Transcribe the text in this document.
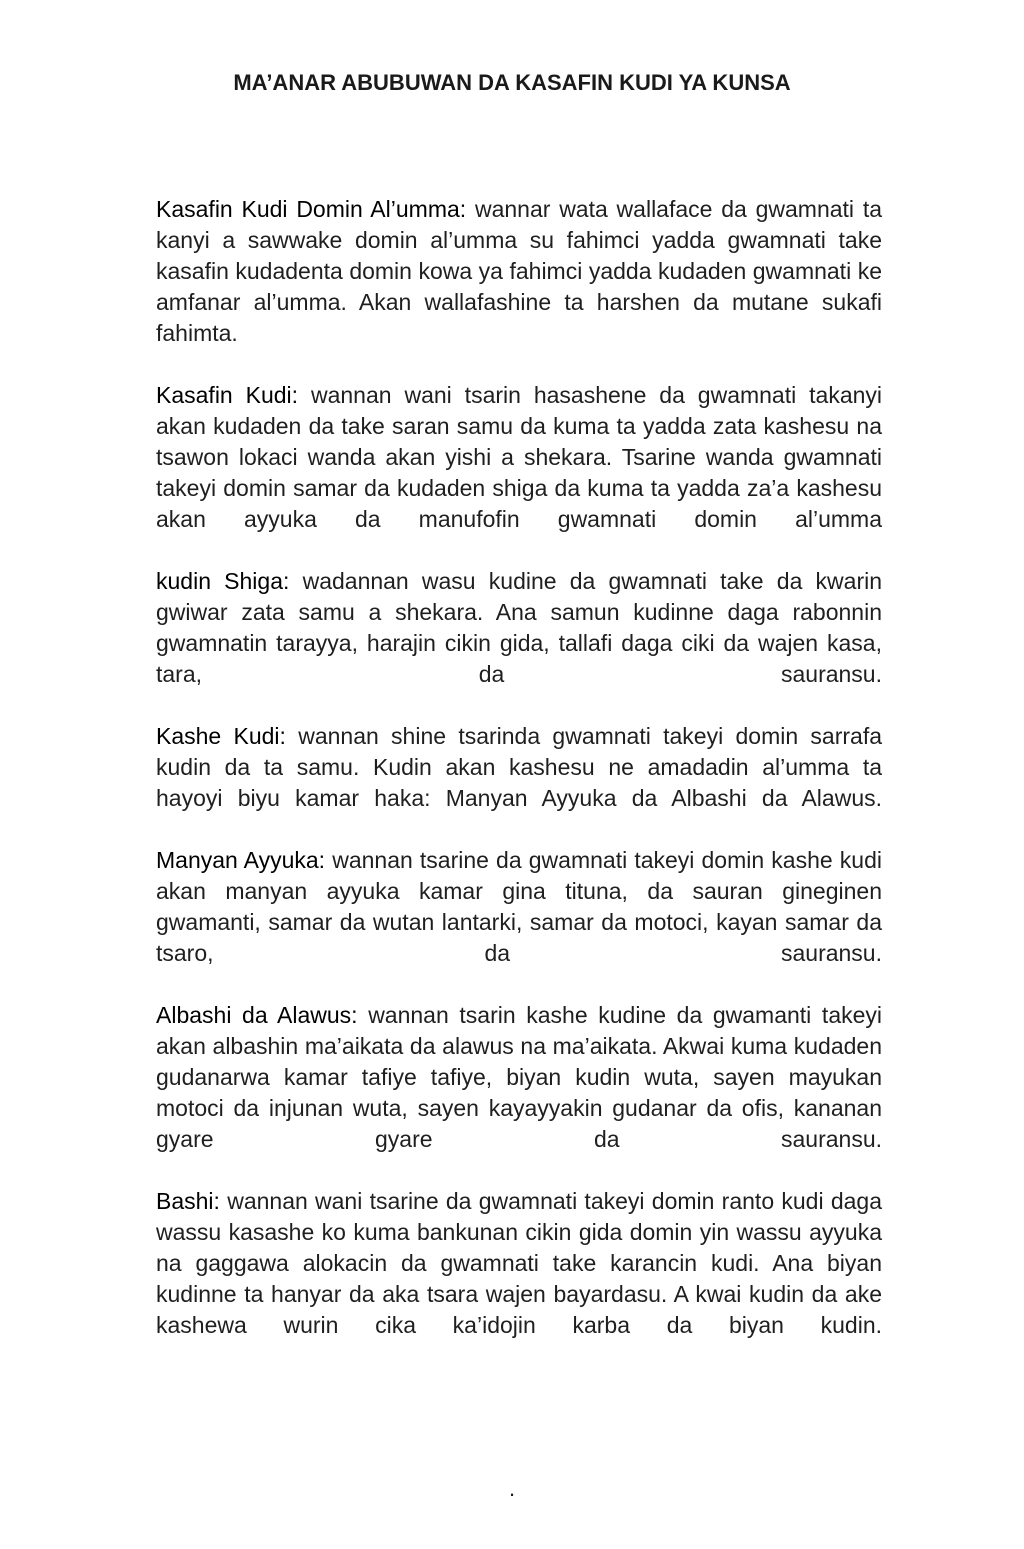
MA’ANAR ABUBUWAN DA KASAFIN KUDI YA KUNSA

Kasafin Kudi Domin Al’umma: wannar wata wallaface da gwamnati ta kanyi a sawwake domin al’umma su fahimci yadda gwamnati take kasafin kudadenta domin kowa ya fahimci yadda kudaden gwamnati ke amfanar al’umma. Akan wallafashine ta harshen da mutane sukafi fahimta.

Kasafin Kudi: wannan wani tsarin hasashene da gwamnati takanyi akan kudaden da take saran samu da kuma ta yadda zata kashesu na tsawon lokaci wanda akan yishi a shekara. Tsarine wanda gwamnati takeyi domin samar da kudaden shiga da kuma ta yadda za’a kashesu akan ayyuka da manufofin gwamnati domin al’umma

kudin Shiga: wadannan wasu kudine da gwamnati take da kwarin gwiwar zata samu a shekara. Ana samun kudinne daga rabonnin gwamnatin tarayya, harajin cikin gida, tallafi daga ciki da wajen kasa, tara, da sauransu.

Kashe Kudi: wannan shine tsarinda gwamnati takeyi domin sarrafa kudin da ta samu. Kudin akan kashesu ne amadadin al’umma ta hayoyi biyu kamar haka: Manyan Ayyuka da Albashi da Alawus.

Manyan Ayyuka: wannan tsarine da gwamnati takeyi domin kashe kudi akan manyan ayyuka kamar gina tituna, da sauran gineginen gwamanti, samar da wutan lantarki, samar da motoci, kayan samar da tsaro, da sauransu.

Albashi da Alawus: wannan tsarin kashe kudine da gwamanti takeyi akan albashin ma’aikata da alawus na ma’aikata. Akwai kuma kudaden gudanarwa kamar tafiye tafiye, biyan kudin wuta, sayen mayukan motoci da injunan wuta, sayen kayayyakin gudanar da ofis, kananan gyare gyare da sauransu.

Bashi: wannan wani tsarine da gwamnati takeyi domin ranto kudi daga wassu kasashe ko kuma bankunan cikin gida domin yin wassu ayyuka na gaggawa alokacin da gwamnati take karancin kudi. Ana biyan kudinne ta hanyar da aka tsara wajen bayardasu. A kwai kudin da ake kashewa wurin cika ka’idojin karba da biyan kudin.

.
